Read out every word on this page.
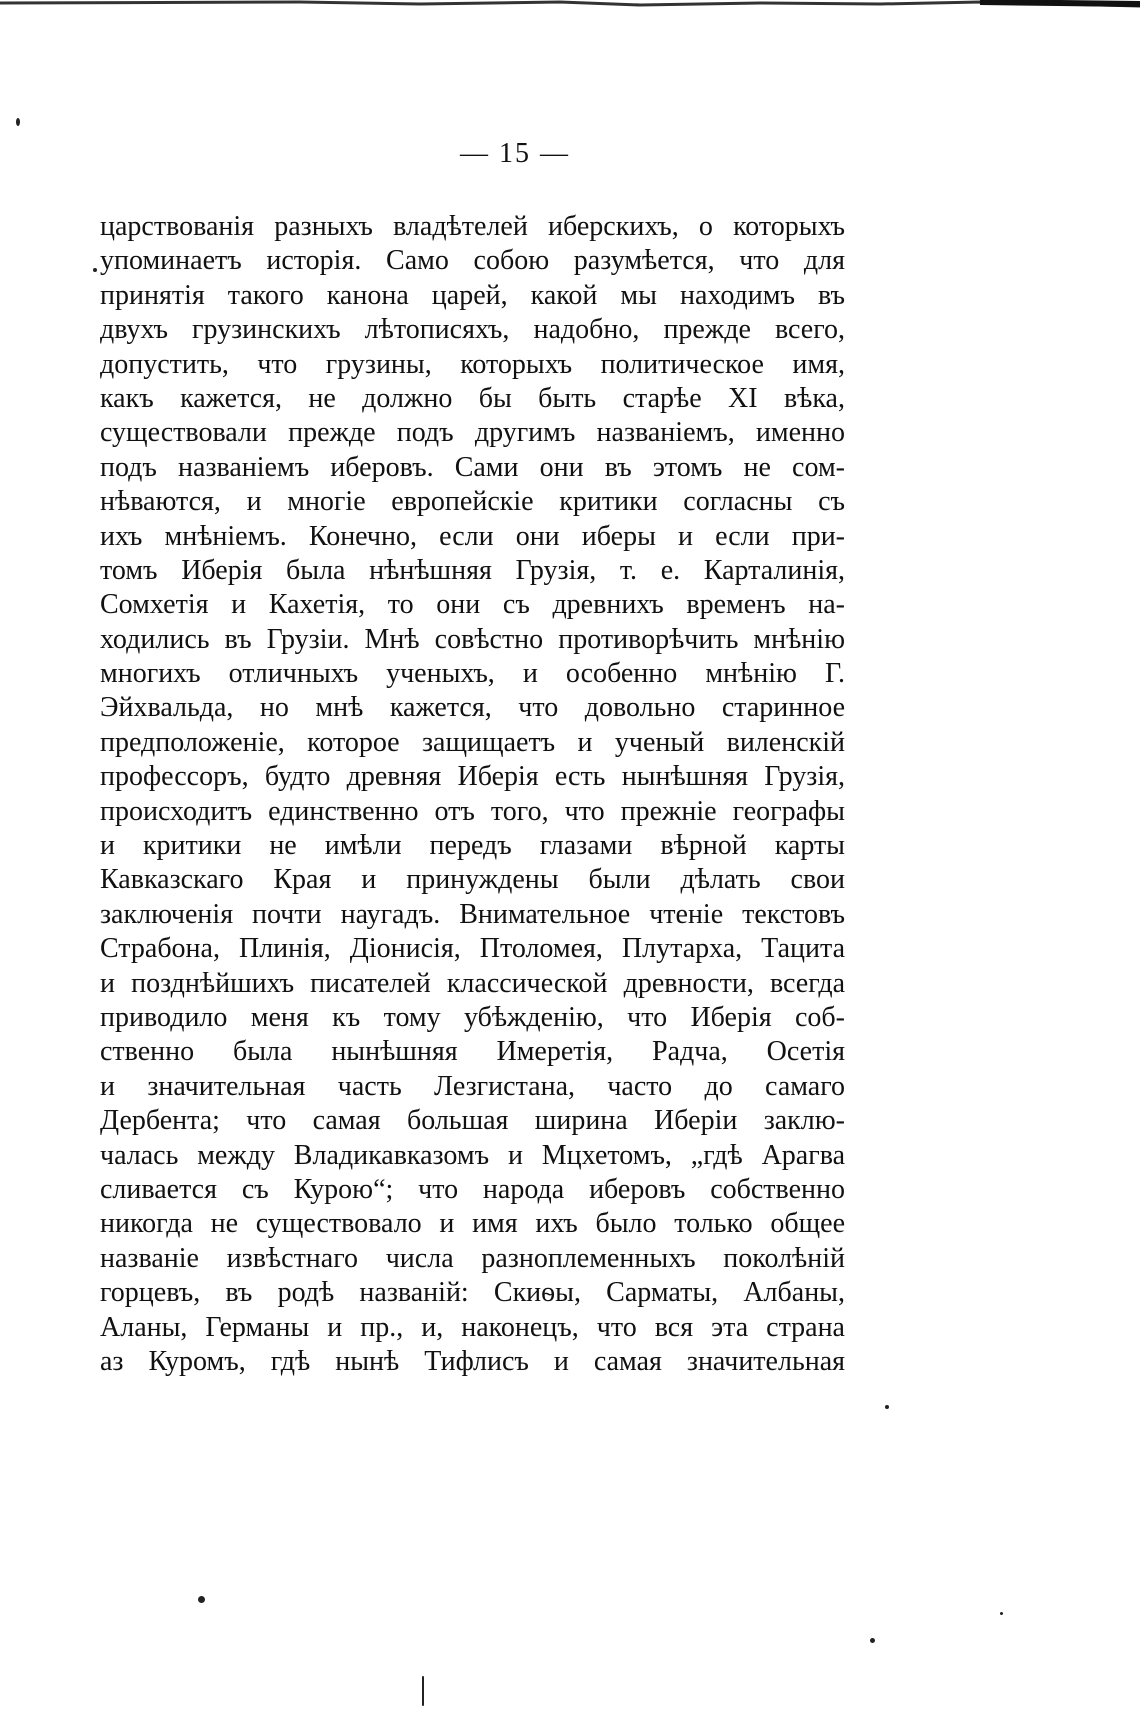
— 15 —
царствованія разныхъ владѣтелей иберскихъ, о которыхъ
упоминаетъ исторія. Само собою разумѣется, что для
принятія такого канона царей, какой мы находимъ въ
двухъ грузинскихъ лѣтописяхъ, надобно, прежде всего,
допустить, что грузины, которыхъ политическое имя,
какъ кажется, не должно бы быть старѣе XI вѣка,
существовали прежде подъ другимъ названіемъ, именно
подъ названіемъ иберовъ. Сами они въ этомъ не сом-
нѣваются, и многіе европейскіе критики согласны съ
ихъ мнѣніемъ. Конечно, если они иберы и если при-
томъ Иберія была нѣнѣшняя Грузія, т. е. Карталинія,
Сомхетія и Кахетія, то они съ древнихъ временъ на-
ходились въ Грузіи. Мнѣ совѣстно противорѣчить мнѣнію
многихъ отличныхъ ученыхъ, и особенно мнѣнію Г.
Эйхвальда, но мнѣ кажется, что довольно старинное
предположеніе, которое защищаетъ и ученый виленскій
профессоръ, будто древняя Иберія есть нынѣшняя Грузія,
происходитъ единственно отъ того, что прежніе географы
и критики не имѣли передъ глазами вѣрной карты
Кавказскаго Края и принуждены были дѣлать свои
заключенія почти наугадъ. Внимательное чтеніе текстовъ
Страбона, Плинія, Діонисія, Птоломея, Плутарха, Тацита
и позднѣйшихъ писателей классической древности, всегда
приводило меня къ тому убѣжденію, что Иберія соб-
ственно была нынѣшняя Имеретія, Радча, Осетія
и значительная часть Лезгистана, часто до самаго
Дербента; что самая большая ширина Иберіи заклю-
чалась между Владикавказомъ и Мцхетомъ, „гдѣ Арагва
сливается съ Курою“; что народа иберовъ собственно
никогда не существовало и имя ихъ было только общее
названіе извѣстнаго числа разноплеменныхъ поколѣній
горцевъ, въ родѣ названій: Скиѳы, Сарматы, Албаны,
Аланы, Германы и пр., и, наконецъ, что вся эта страна
аз Куромъ, гдѣ нынѣ Тифлисъ и самая значительная
